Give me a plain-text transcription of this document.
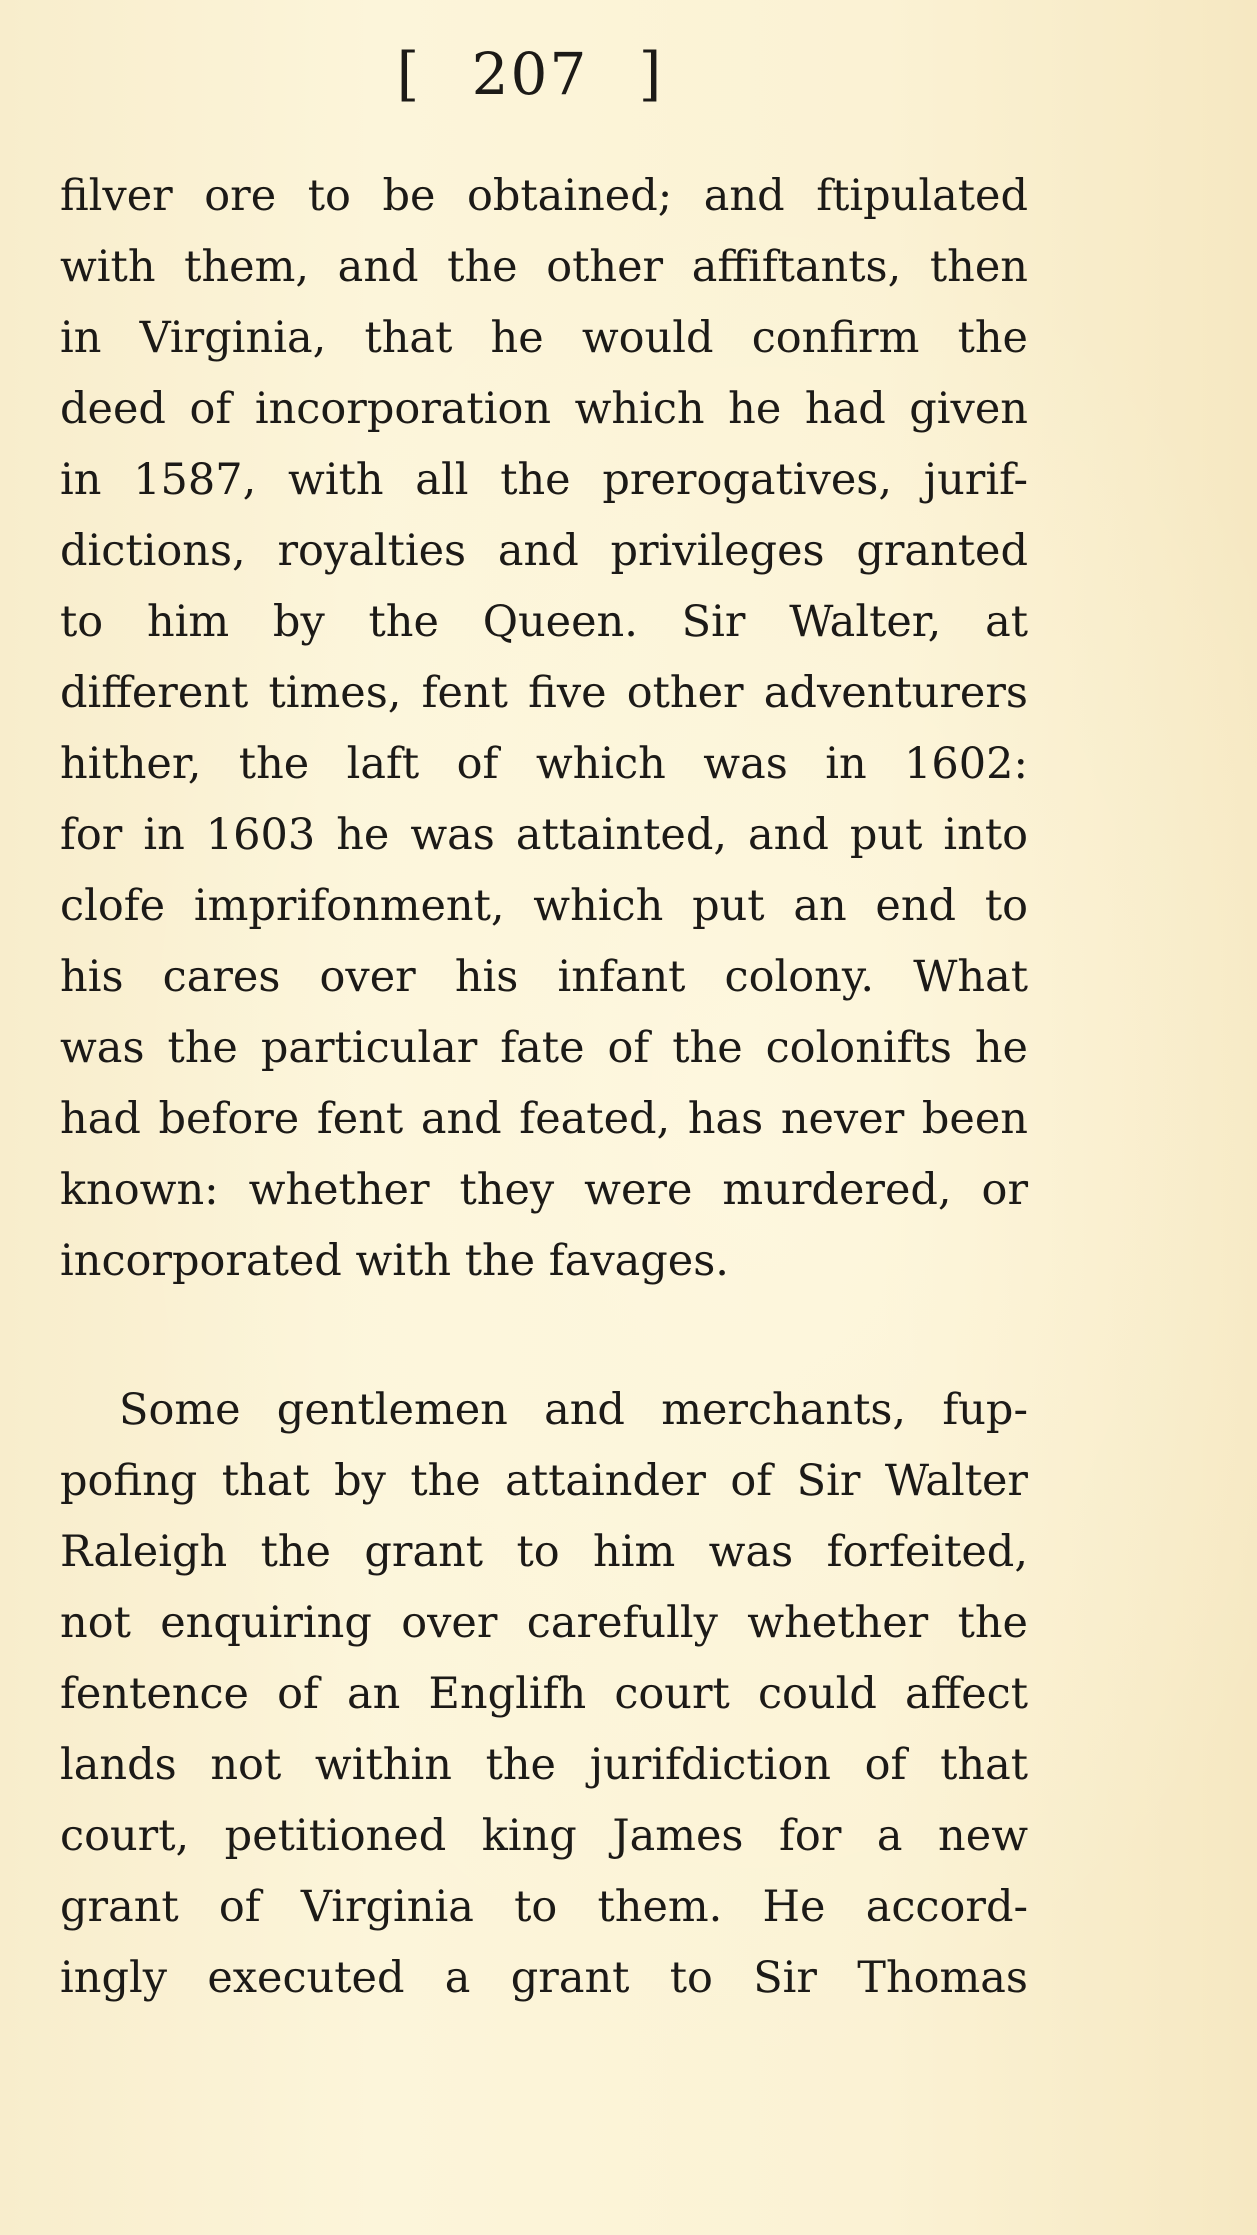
[ 207 ]
filver ore to be obtained; and ftipulated
with them, and the other affiftants, then
in Virginia, that he would confirm the
deed of incorporation which he had given
in 1587, with all the prerogatives, jurif-
dictions, royalties and privileges granted
to him by the Queen. Sir Walter, at
different times, fent five other adventurers
hither, the laft of which was in 1602:
for in 1603 he was attainted, and put into
clofe imprifonment, which put an end to
his cares over his infant colony. What
was the particular fate of the colonifts he
had before fent and feated, has never been
known: whether they were murdered, or
incorporated with the favages.
Some gentlemen and merchants, fup-
pofing that by the attainder of Sir Walter
Raleigh the grant to him was forfeited,
not enquiring over carefully whether the
fentence of an Englifh court could affect
lands not within the jurifdiction of that
court, petitioned king James for a new
grant of Virginia to them. He accord-
ingly executed a grant to Sir Thomas
